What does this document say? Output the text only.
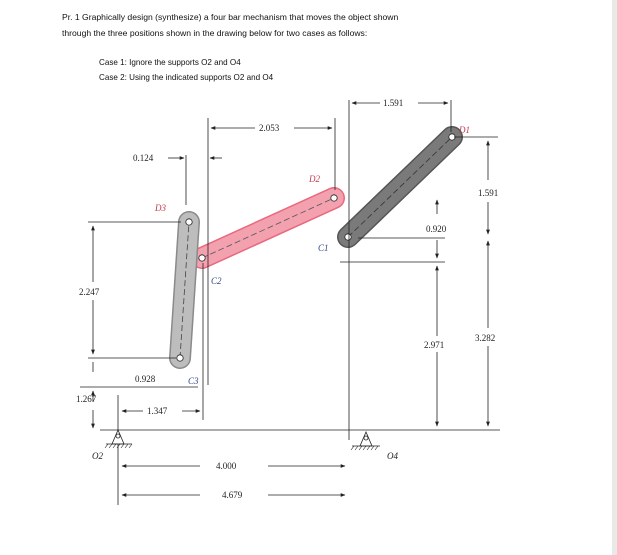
Pr. 1 Graphically design (synthesize) a four bar mechanism that moves the object shown
through the three positions shown in the drawing below for two cases as follows:
Case 1: Ignore the supports O2 and O4
Case 2: Using the indicated supports O2 and O4
1.591
2.053
0.124
1.591
0.920
2.247
3.282
2.971
0.928
1.267
1.347
4.000
4.679
D1
D2
D3
C1
C2
C3
O2	O4
